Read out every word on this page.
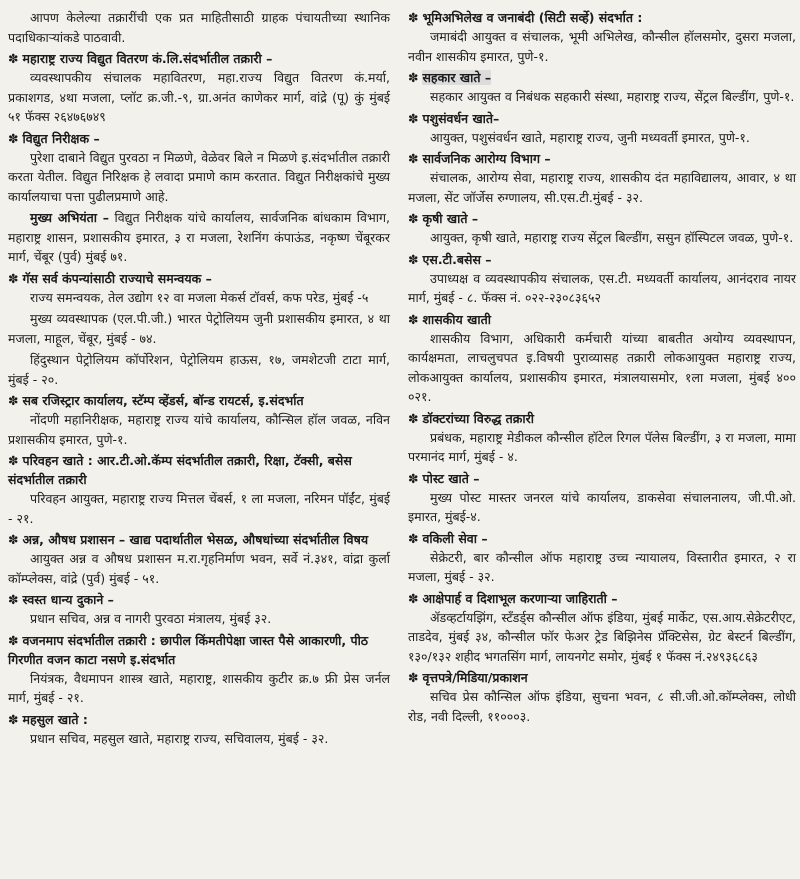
आपण केलेल्या तक्रारींची एक प्रत माहितीसाठी ग्राहक पंचायतीच्या स्थानिक पदाधिकाऱ्यांकडे पाठवावी.

✽ महाराष्ट्र राज्य विद्युत वितरण कं.लि.संदर्भातील तक्रारी –

व्यवस्थापकीय संचालक महावितरण, महा.राज्य विद्युत वितरण कं.मर्या, प्रकाशगड, ४था मजला, प्लॉट क्र.जी.-९, ग्रा.अनंत काणेकर मार्ग, वांद्रे (पू) कुं मुंबई ५१ फॅक्स २६४७६७४९

✽ विद्युत निरीक्षक –

पुरेशा दाबाने विद्युत पुरवठा न मिळणे, वेळेवर बिले न मिळणे इ.संदर्भातील तक्रारी करता येतील. विद्युत निरिक्षक हे लवादा प्रमाणे काम करतात. विद्युत निरीक्षकांचे मुख्य कार्यालयाचा पत्ता पुढीलप्रमाणे आहे.

मुख्य अभियंता – विद्युत निरीक्षक यांचे कार्यालय, सार्वजनिक बांधकाम विभाग, महाराष्ट्र शासन, प्रशासकीय इमारत, ३ रा मजला, रेशनिंग कंपाऊंड, नकृष्ण चेंबूरकर मार्ग, चेंबूर (पुर्व) मुंबई ७१.

✽ गॅस सर्व कंपन्यांसाठी राज्याचे समन्वयक –

राज्य समन्वयक, तेल उद्योग १२ वा मजला मेकर्स टॉवर्स, कफ परेड, मुंबई -५

मुख्य व्यवस्थापक (एल.पी.जी.) भारत पेट्रोलियम जुनी प्रशासकीय इमारत, ४ था मजला, माहूल, चेंबूर, मुंबई - ७४.

हिंदुस्थान पेट्रोलियम कॉर्पोरेशन, पेट्रोलियम हाऊस, १७, जमशेटजी टाटा मार्ग, मुंबई - २०.

✽ सब रजिस्ट्रार कार्यालय, स्टॅम्प व्हेंडर्स, बॉन्ड रायटर्स, इ.संदर्भात

नोंदणी महानिरीक्षक, महाराष्ट्र राज्य यांचे कार्यालय, कौन्सिल हॉल जवळ, नविन प्रशासकीय इमारत, पुणे-१.

✽ परिवहन खाते : आर.टी.ओ.कॅम्प संदर्भातील तक्रारी, रिक्षा, टॅक्सी, बसेस संदर्भातील तक्रारी

परिवहन आयुक्त, महाराष्ट्र राज्य मित्तल चेंबर्स, १ ला मजला, नरिमन पॉईंट, मुंबई - २१.

✽ अन्न, औषध प्रशासन – खाद्य पदार्थातील भेसळ, औषधांच्या संदर्भातील विषय

आयुक्त अन्न व औषध प्रशासन म.रा.गृहनिर्माण भवन, सर्वे नं.३४१, वांद्रा कुर्ला कॉम्प्लेक्स, वांद्रे (पुर्व) मुंबई - ५१.

✽ स्वस्त धान्य दुकाने –

प्रधान सचिव, अन्न व नागरी पुरवठा मंत्रालय, मुंबई ३२.

✽ वजनमाप संदर्भातील तक्रारी : छापील किंमतीपेक्षा जास्त पैसे आकारणी, पीठ गिरणीत वजन काटा नसणे इ.संदर्भात

नियंत्रक, वैधमापन शास्त्र खाते, महाराष्ट्र, शासकीय कुटीर क्र.७ फ्री प्रेस जर्नल मार्ग, मुंबई - २१.

✽ महसुल खाते :

प्रधान सचिव, महसुल खाते, महाराष्ट्र राज्य, सचिवालय, मुंबई - ३२.

✽ भूमिअभिलेख व जनाबंदी (सिटी सर्व्हे) संदर्भात :

जमाबंदी आयुक्त व संचालक, भूमी अभिलेख, कौन्सील हॉलसमोर, दुसरा मजला, नवीन शासकीय इमारत, पुणे-१.

✽ सहकार खाते –

सहकार आयुक्त व निबंधक सहकारी संस्था, महाराष्ट्र राज्य, सेंट्रल बिल्डींग, पुणे-१.

✽ पशुसंवर्धन खाते–

आयुक्त, पशुसंवर्धन खाते, महाराष्ट्र राज्य, जुनी मध्यवर्ती इमारत, पुणे-१.

✽ सार्वजनिक आरोग्य विभाग –

संचालक, आरोग्य सेवा, महाराष्ट्र राज्य, शासकीय दंत महाविद्यालय, आवार, ४ था मजला, सेंट जॉर्जेस रुग्णालय, सी.एस.टी.मुंबई - ३२.

✽ कृषी खाते –

आयुक्त, कृषी खाते, महाराष्ट्र राज्य सेंट्रल बिल्डींग, ससुन हॉस्पिटल जवळ, पुणे-१.

✽ एस.टी.बसेस –

उपाध्यक्ष व व्यवस्थापकीय संचालक, एस.टी. मध्यवर्ती कार्यालय, आनंदराव नायर मार्ग, मुंबई - ८. फॅक्स नं. ०२२-२३०८३६५२

✽ शासकीय खाती

शासकीय विभाग, अधिकारी कर्मचारी यांच्या बाबतीत अयोग्य व्यवस्थापन, कार्यक्षमता, लाचलुचपत इ.विषयी पुराव्यासह तक्रारी लोकआयुक्त महाराष्ट्र राज्य, लोकआयुक्त कार्यालय, प्रशासकीय इमारत, मंत्रालयासमोर, १ला मजला, मुंबई ४०० ०२१.

✽ डॉक्टरांच्या विरुद्ध तक्रारी

प्रबंधक, महाराष्ट्र मेडीकल कौन्सील हॉटेल रिगल पॅलेस बिल्डींग, ३ रा मजला, मामा परमानंद मार्ग, मुंबई - ४.

✽ पोस्ट खाते –

मुख्य पोस्ट मास्तर जनरल यांचे कार्यालय, डाकसेवा संचालनालय, जी.पी.ओ. इमारत, मुंबई-४.

✽ वकिली सेवा –

सेक्रेटरी, बार कौन्सील ऑफ महाराष्ट्र उच्च न्यायालय, विस्तारीत इमारत, २ रा मजला, मुंबई - ३२.

✽ आक्षेपार्ह व दिशाभूल करणाऱ्या जाहिराती –

ॲडव्हर्टायझिंग, स्टॅंडर्ड्स कौन्सील ऑफ इंडिया, मुंबई मार्केट, एस.आय.सेक्रेटरीएट, ताडदेव, मुंबई ३४, कौन्सील फॉर फेअर ट्रेड बिझिनेस प्रॅक्टिसेस, ग्रेट बेस्टर्न बिल्डींग, १३०/१३२ शहीद भगतसिंग मार्ग, लायनगेट समोर, मुंबई १ फॅक्स नं.२४९३६८६३

✽ वृत्तपत्रे/मिडिया/प्रकाशन

सचिव प्रेस कौन्सिल ऑफ इंडिया, सुचना भवन, ८ सी.जी.ओ.कॉम्प्लेक्स, लोधी रोड, नवी दिल्ली, ११०००३.
